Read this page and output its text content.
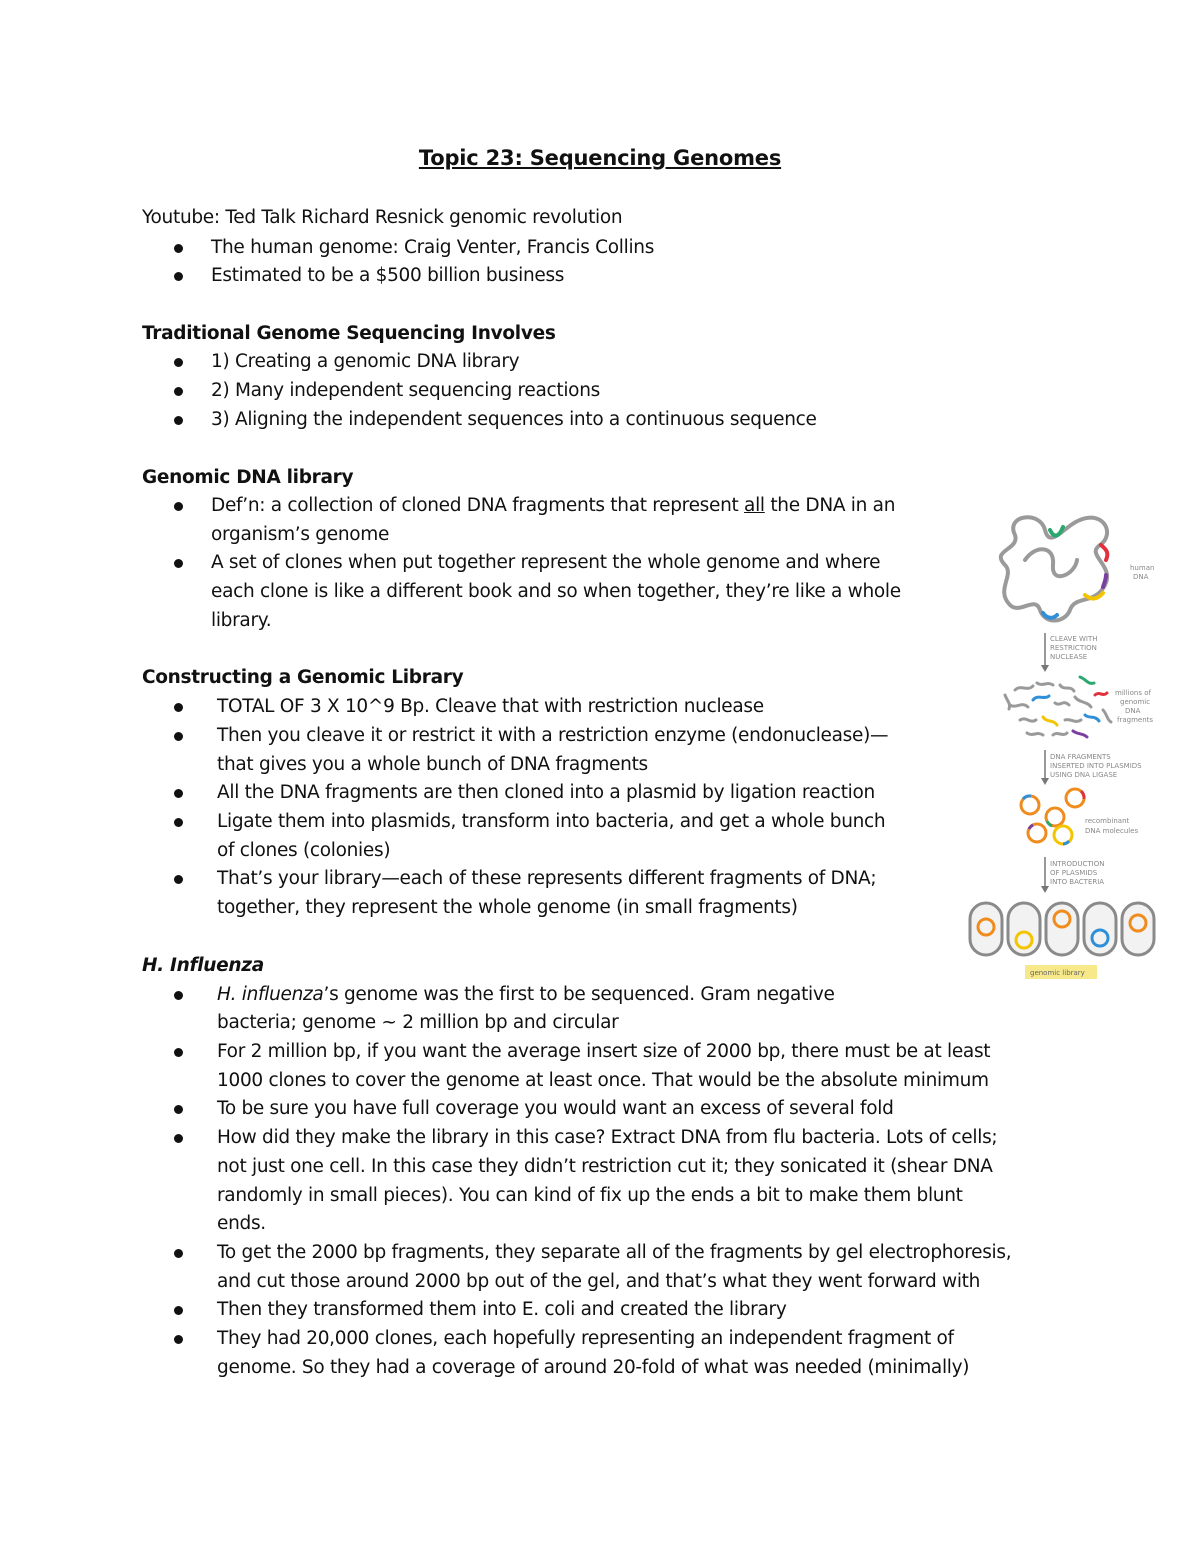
Topic 23: Sequencing Genomes
Youtube: Ted Talk Richard Resnick genomic revolution
The human genome: Craig Venter, Francis Collins
Estimated to be a $500 billion business
Traditional Genome Sequencing Involves
1) Creating a genomic DNA library
2) Many independent sequencing reactions
3) Aligning the independent sequences into a continuous sequence
Genomic DNA library
Def’n: a collection of cloned DNA fragments that represent all the DNA in an
organism’s genome
A set of clones when put together represent the whole genome and where
each clone is like a different book and so when together, they’re like a whole
library.
Constructing a Genomic Library
TOTAL OF 3 X 10^9 Bp. Cleave that with restriction nuclease
Then you cleave it or restrict it with a restriction enzyme (endonuclease)—
that gives you a whole bunch of DNA fragments
All the DNA fragments are then cloned into a plasmid by ligation reaction
Ligate them into plasmids, transform into bacteria, and get a whole bunch
of clones (colonies)
That’s your library—each of these represents different fragments of DNA;
together, they represent the whole genome (in small fragments)
H. Influenza
H. influenza’s genome was the first to be sequenced. Gram negative
bacteria; genome ~ 2 million bp and circular
For 2 million bp, if you want the average insert size of 2000 bp, there must be at least
1000 clones to cover the genome at least once. That would be the absolute minimum
To be sure you have full coverage you would want an excess of several fold
How did they make the library in this case? Extract DNA from flu bacteria. Lots of cells;
not just one cell. In this case they didn’t restriction cut it; they sonicated it (shear DNA
randomly in small pieces). You can kind of fix up the ends a bit to make them blunt
ends.
To get the 2000 bp fragments, they separate all of the fragments by gel electrophoresis,
and cut those around 2000 bp out of the gel, and that’s what they went forward with
Then they transformed them into E. coli and created the library
They had 20,000 clones, each hopefully representing an independent fragment of
genome. So they had a coverage of around 20-fold of what was needed (minimally)
human
DNA
CLEAVE WITH
RESTRICTION
NUCLEASE
millions of
genomic
DNA
fragments
DNA FRAGMENTS
INSERTED INTO PLASMIDS
USING DNA LIGASE
recombinant
DNA molecules
INTRODUCTION
OF PLASMIDS
INTO BACTERIA
genomic library
